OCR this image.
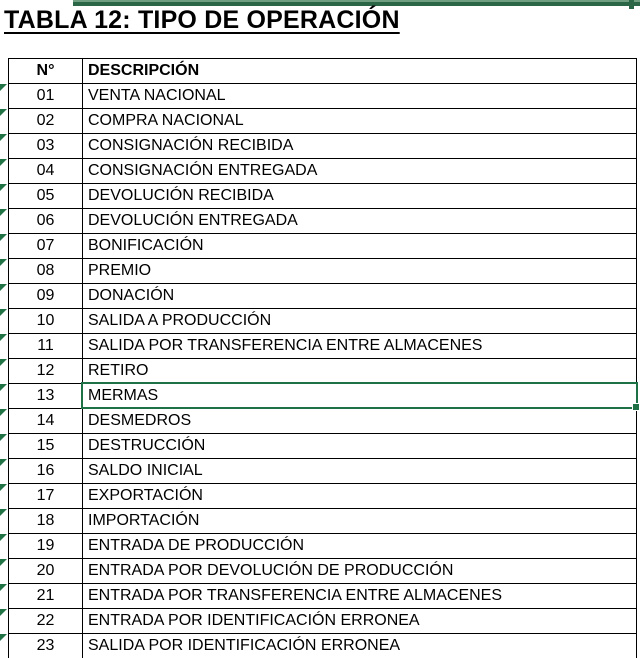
TABLA 12: TIPO DE OPERACIÓN
N°	DESCRIPCIÓN
01	VENTA NACIONAL
02	COMPRA NACIONAL
03	CONSIGNACIÓN RECIBIDA
04	CONSIGNACIÓN ENTREGADA
05	DEVOLUCIÓN RECIBIDA
06	DEVOLUCIÓN ENTREGADA
07	BONIFICACIÓN
08	PREMIO
09	DONACIÓN
10	SALIDA A PRODUCCIÓN
11	SALIDA POR TRANSFERENCIA ENTRE ALMACENES
12	RETIRO
13	MERMAS
14	DESMEDROS
15	DESTRUCCIÓN
16	SALDO INICIAL
17	EXPORTACIÓN
18	IMPORTACIÓN
19	ENTRADA DE PRODUCCIÓN
20	ENTRADA POR DEVOLUCIÓN DE PRODUCCIÓN
21	ENTRADA POR TRANSFERENCIA ENTRE ALMACENES
22	ENTRADA POR IDENTIFICACIÓN ERRONEA
23	SALIDA POR IDENTIFICACIÓN ERRONEA
